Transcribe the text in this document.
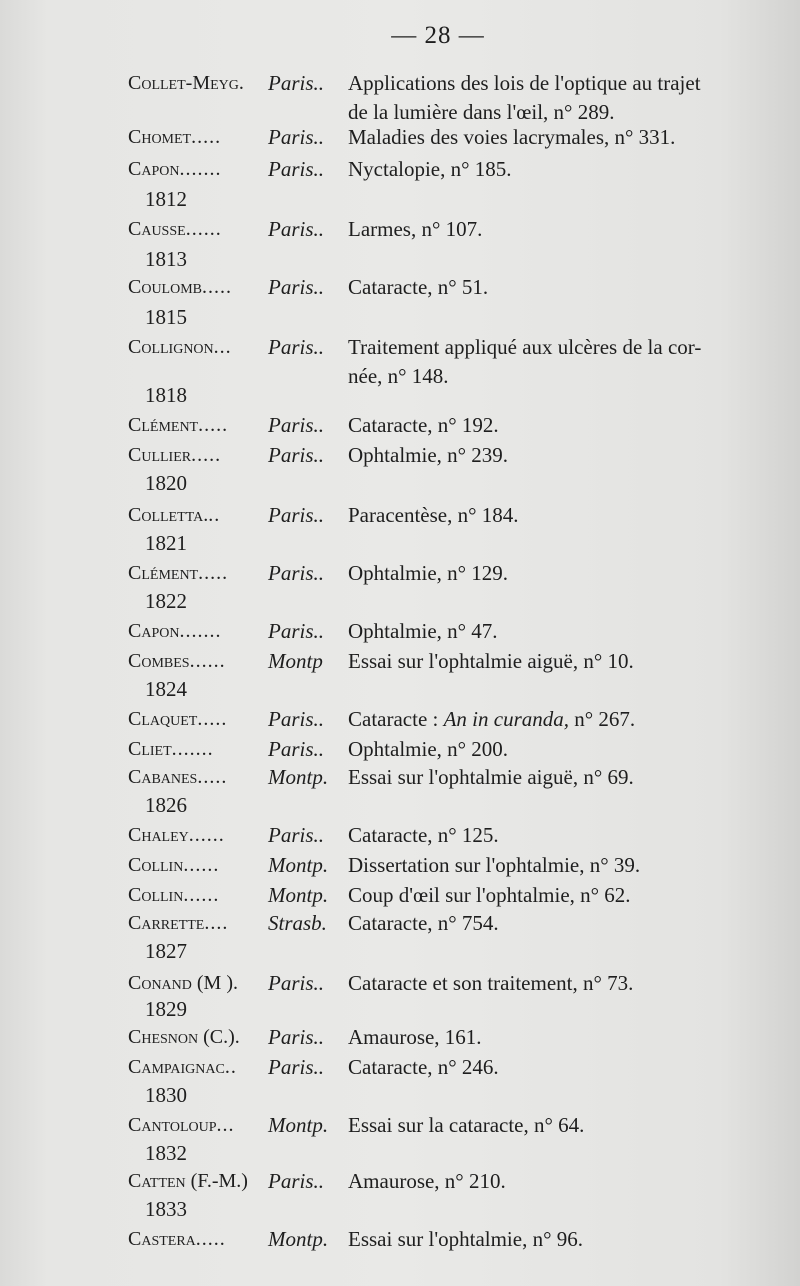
— 28 —
Collet-Meyg. Paris.. Applications des lois de l'optique au trajet
de la lumière dans l'œil, n° 289.
Chomet..... Paris.. Maladies des voies lacrymales, n° 331.
Capon....... Paris.. Nyctalopie, n° 185.
1812
Causse...... Paris.. Larmes, n° 107.
1813
Coulomb..... Paris.. Cataracte, n° 51.
1815
Collignon... Paris.. Traitement appliqué aux ulcères de la cor-
née, n° 148.
1818
Clément..... Paris.. Cataracte, n° 192.
Cullier..... Paris.. Ophtalmie, n° 239.
1820
Colletta... Paris.. Paracentèse, n° 184.
1821
Clément..... Paris.. Ophtalmie, n° 129.
1822
Capon....... Paris.. Ophtalmie, n° 47.
Combes...... Montp Essai sur l'ophtalmie aiguë, n° 10.
1824
Claquet..... Paris.. Cataracte : An in curanda, n° 267.
Cliet.......	Paris.. Ophtalmie, n° 200.
Cabanes..... Montp. Essai sur l'ophtalmie aiguë, n° 69.
1826
Chaley...... Paris.. Cataracte, n° 125.
Collin...... Montp. Dissertation sur l'ophtalmie, n° 39.
Collin...... Montp. Coup d'œil sur l'ophtalmie, n° 62.
Carrette.... Strasb. Cataracte, n° 754.
1827
Conand (M ). Paris.. Cataracte et son traitement, n° 73.
1829
Chesnon (C.). Paris.. Amaurose, 161.
Campaignac.. Paris.. Cataracte, n° 246.
1830
Cantoloup... Montp. Essai sur la cataracte, n° 64.
1832
Catten (F.-M.) Paris.. Amaurose, n° 210.
1833
Castera..... Montp. Essai sur l'ophtalmie, n° 96.
